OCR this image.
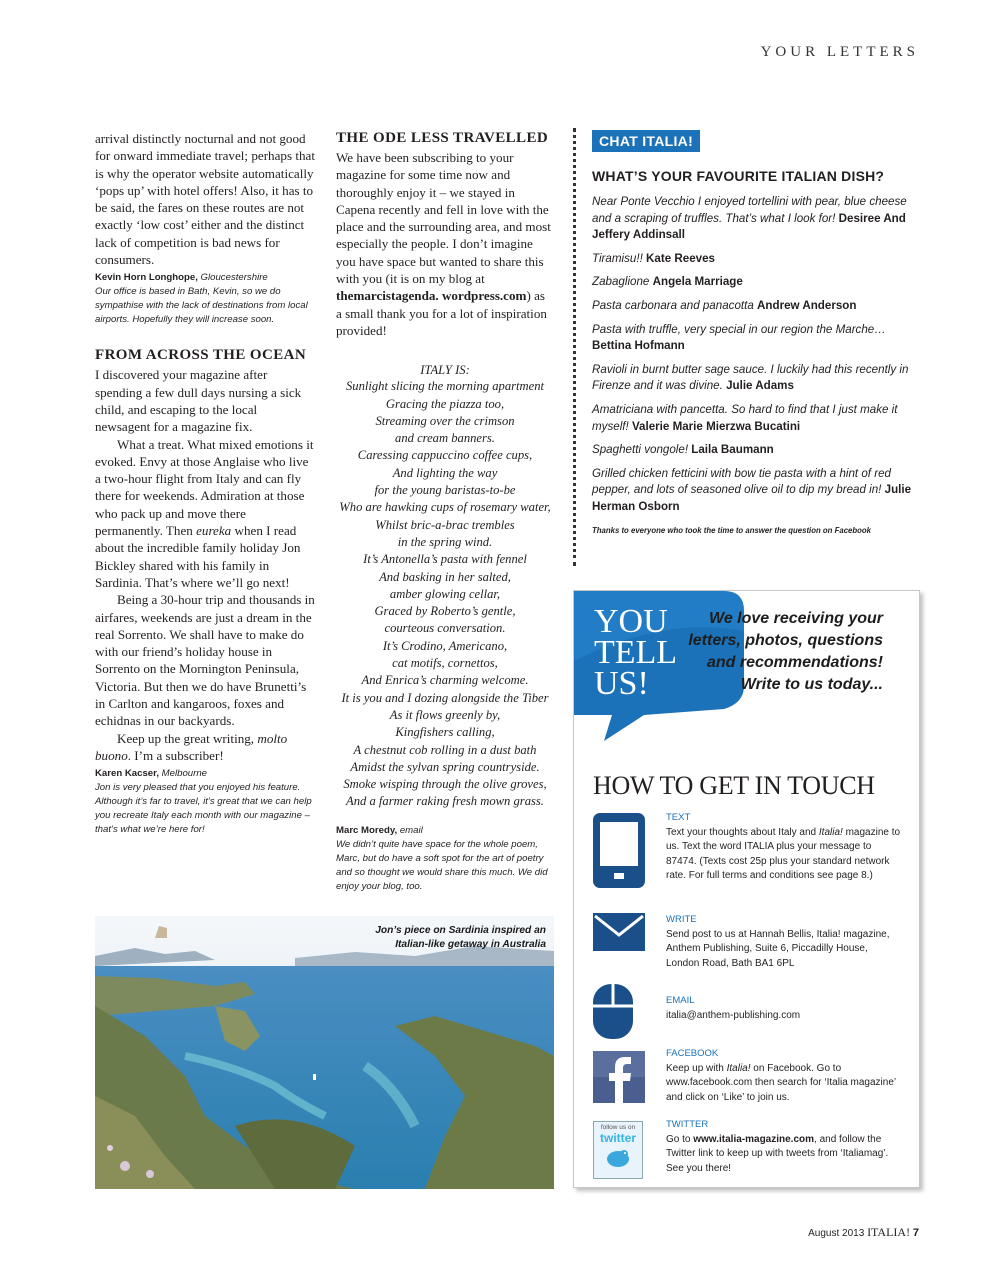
YOUR LETTERS
arrival distinctly nocturnal and not good for onward immediate travel; perhaps that is why the operator website automatically ‘pops up’ with hotel offers! Also, it has to be said, the fares on these routes are not exactly ‘low cost’ either and the distinct lack of competition is bad news for consumers.
Kevin Horn Longhope, Gloucestershire
Our office is based in Bath, Kevin, so we do sympathise with the lack of destinations from local airports. Hopefully they will increase soon.
FROM ACROSS THE OCEAN

I discovered your magazine after spending a few dull days nursing a sick child, and escaping to the local newsagent for a magazine fix.

What a treat. What mixed emotions it evoked. Envy at those Anglaise who live a two-hour flight from Italy and can fly there for weekends. Admiration at those who pack up and move there permanently. Then eureka when I read about the incredible family holiday Jon Bickley shared with his family in Sardinia. That’s where we’ll go next!

Being a 30-hour trip and thousands in airfares, weekends are just a dream in the real Sorrento. We shall have to make do with our friend’s holiday house in Sorrento on the Mornington Peninsula, Victoria. But then we do have Brunetti’s in Carlton and kangaroos, foxes and echidnas in our backyards.

Keep up the great writing, molto buono. I’m a subscriber!

Karen Kacser, Melbourne
Jon is very pleased that you enjoyed his feature. Although it’s far to travel, it’s great that we can help you recreate Italy each month with our magazine – that’s what we’re here for!
THE ODE LESS TRAVELLED
We have been subscribing to your magazine for some time now and thoroughly enjoy it – we stayed in Capena recently and fell in love with the place and the surrounding area, and most especially the people. I don’t imagine you have space but wanted to share this with you (it is on my blog at themarcistagenda. wordpress.com) as a small thank you for a lot of inspiration provided!
ITALY IS:
Sunlight slicing the morning apartment
Gracing the piazza too,
Streaming over the crimson
and cream banners.
Caressing cappuccino coffee cups,
And lighting the way
for the young baristas-to-be
Who are hawking cups of rosemary water,
Whilst bric-a-brac trembles
in the spring wind.
It’s Antonella’s pasta with fennel
And basking in her salted,
amber glowing cellar,
Graced by Roberto’s gentle,
courteous conversation.
It’s Crodino, Americano,
cat motifs, cornettos,
And Enrica’s charming welcome.
It is you and I dozing alongside the Tiber
As it flows greenly by,
Kingfishers calling,
A chestnut cob rolling in a dust bath
Amidst the sylvan spring countryside.
Smoke wisping through the olive groves,
And a farmer raking fresh mown grass.
Marc Moredy, email
We didn’t quite have space for the whole poem, Marc, but do have a soft spot for the art of poetry and so thought we would share this much. We did enjoy your blog, too.
CHAT ITALIA!
WHAT’S YOUR FAVOURITE ITALIAN DISH?
Near Ponte Vecchio I enjoyed tortellini with pear, blue cheese and a scraping of truffles. That’s what I look for! Desiree And Jeffery Addinsall
Tiramisu!! Kate Reeves
Zabaglione Angela Marriage
Pasta carbonara and panacotta Andrew Anderson
Pasta with truffle, very special in our region the Marche… Bettina Hofmann
Ravioli in burnt butter sage sauce. I luckily had this recently in Firenze and it was divine. Julie Adams
Amatriciana with pancetta. So hard to find that I just make it myself! Valerie Marie Mierzwa Bucatini
Spaghetti vongole! Laila Baumann
Grilled chicken fetticini with bow tie pasta with a hint of red pepper, and lots of seasoned olive oil to dip my bread in! Julie Herman Osborn
Thanks to everyone who took the time to answer the question on Facebook
YOU
TELL
US!
We love receiving your letters, photos, questions and recommendations! Write to us today...
HOW TO GET IN TOUCH
TEXT
Text your thoughts about Italy and Italia! magazine to us. Text the word ITALIA plus your message to 87474. (Texts cost 25p plus your standard network rate. For full terms and conditions see page 8.)
WRITE
Send post to us at Hannah Bellis, Italia! magazine, Anthem Publishing, Suite 6, Piccadilly House, London Road, Bath BA1 6PL
EMAIL
italia@anthem-publishing.com
FACEBOOK
Keep up with Italia! on Facebook. Go to www.facebook.com then search for ‘Italia magazine’ and click on ‘Like’ to join us.
follow us on
twitter
TWITTER
Go to www.italia-magazine.com, and follow the Twitter link to keep up with tweets from ‘Italiamag’. See you there!
Jon’s piece on Sardinia inspired an Italian-like getaway in Australia
August 2013 ITALIA! 7
